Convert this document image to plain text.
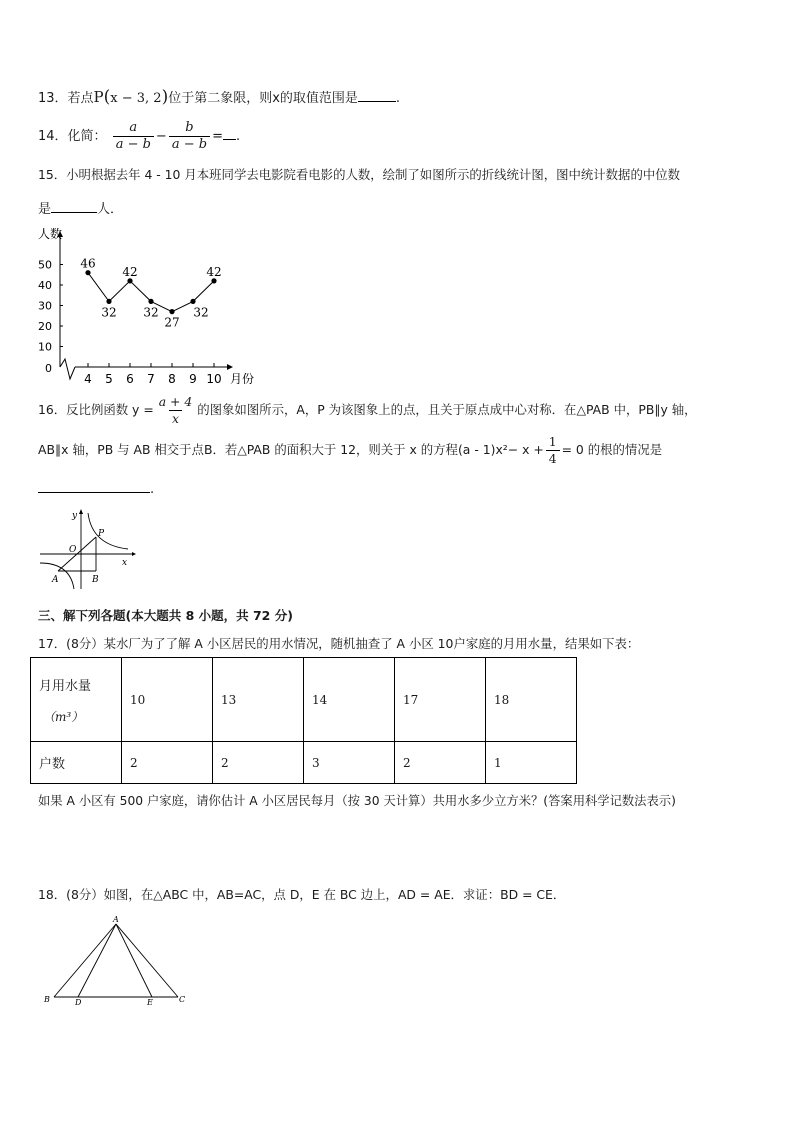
13．若点P(x − 3, 2)位于第二象限，则x的取值范围是	.
14．化简： $\frac{a}{a - b} - \frac{b}{a - b}$ = .
15．小明根据去年 4 - 10 月本班同学去电影院看电影的人数，绘制了如图所示的折线统计图，图中统计数据的中位数
是	人．
人数
0
10
20
30
40
50
月份
4 5 6 7 8 9 10
46
32
42
32
27
32
42
16．反比例函数 $y = \frac{a + 4}{x}$ 的图象如图所示，A，P 为该图象上的点，且关于原点成中心对称．在△PAB 中，PB∥y 轴，
AB∥x 轴，PB 与 AB 相交于点B．若△PAB 的面积大于 12，则关于 x 的方程$(a - 1)x^2- x + \frac{1}{4} = 0$ 的根的情况是
.
y
x
O
P
A	B
三、解下列各题(本大题共 8 小题，共 72 分)
17．(8分）某水厂为了了解 A 小区居民的用水情况，随机抽查了 A 小区 10户家庭的月用水量，结果如下表：
月用水量
（m³）	10	13	14	17	18
户数	2	2	3	2	1
如果 A 小区有 500 户家庭，请你估计 A 小区居民每月（按 30 天计算）共用水多少立方米？(答案用科学记数法表示)
18．(8分）如图，在△ABC 中，AB=AC，点 D，E 在 BC 边上，AD = AE．求证：BD = CE．
A
B	D	E	C
